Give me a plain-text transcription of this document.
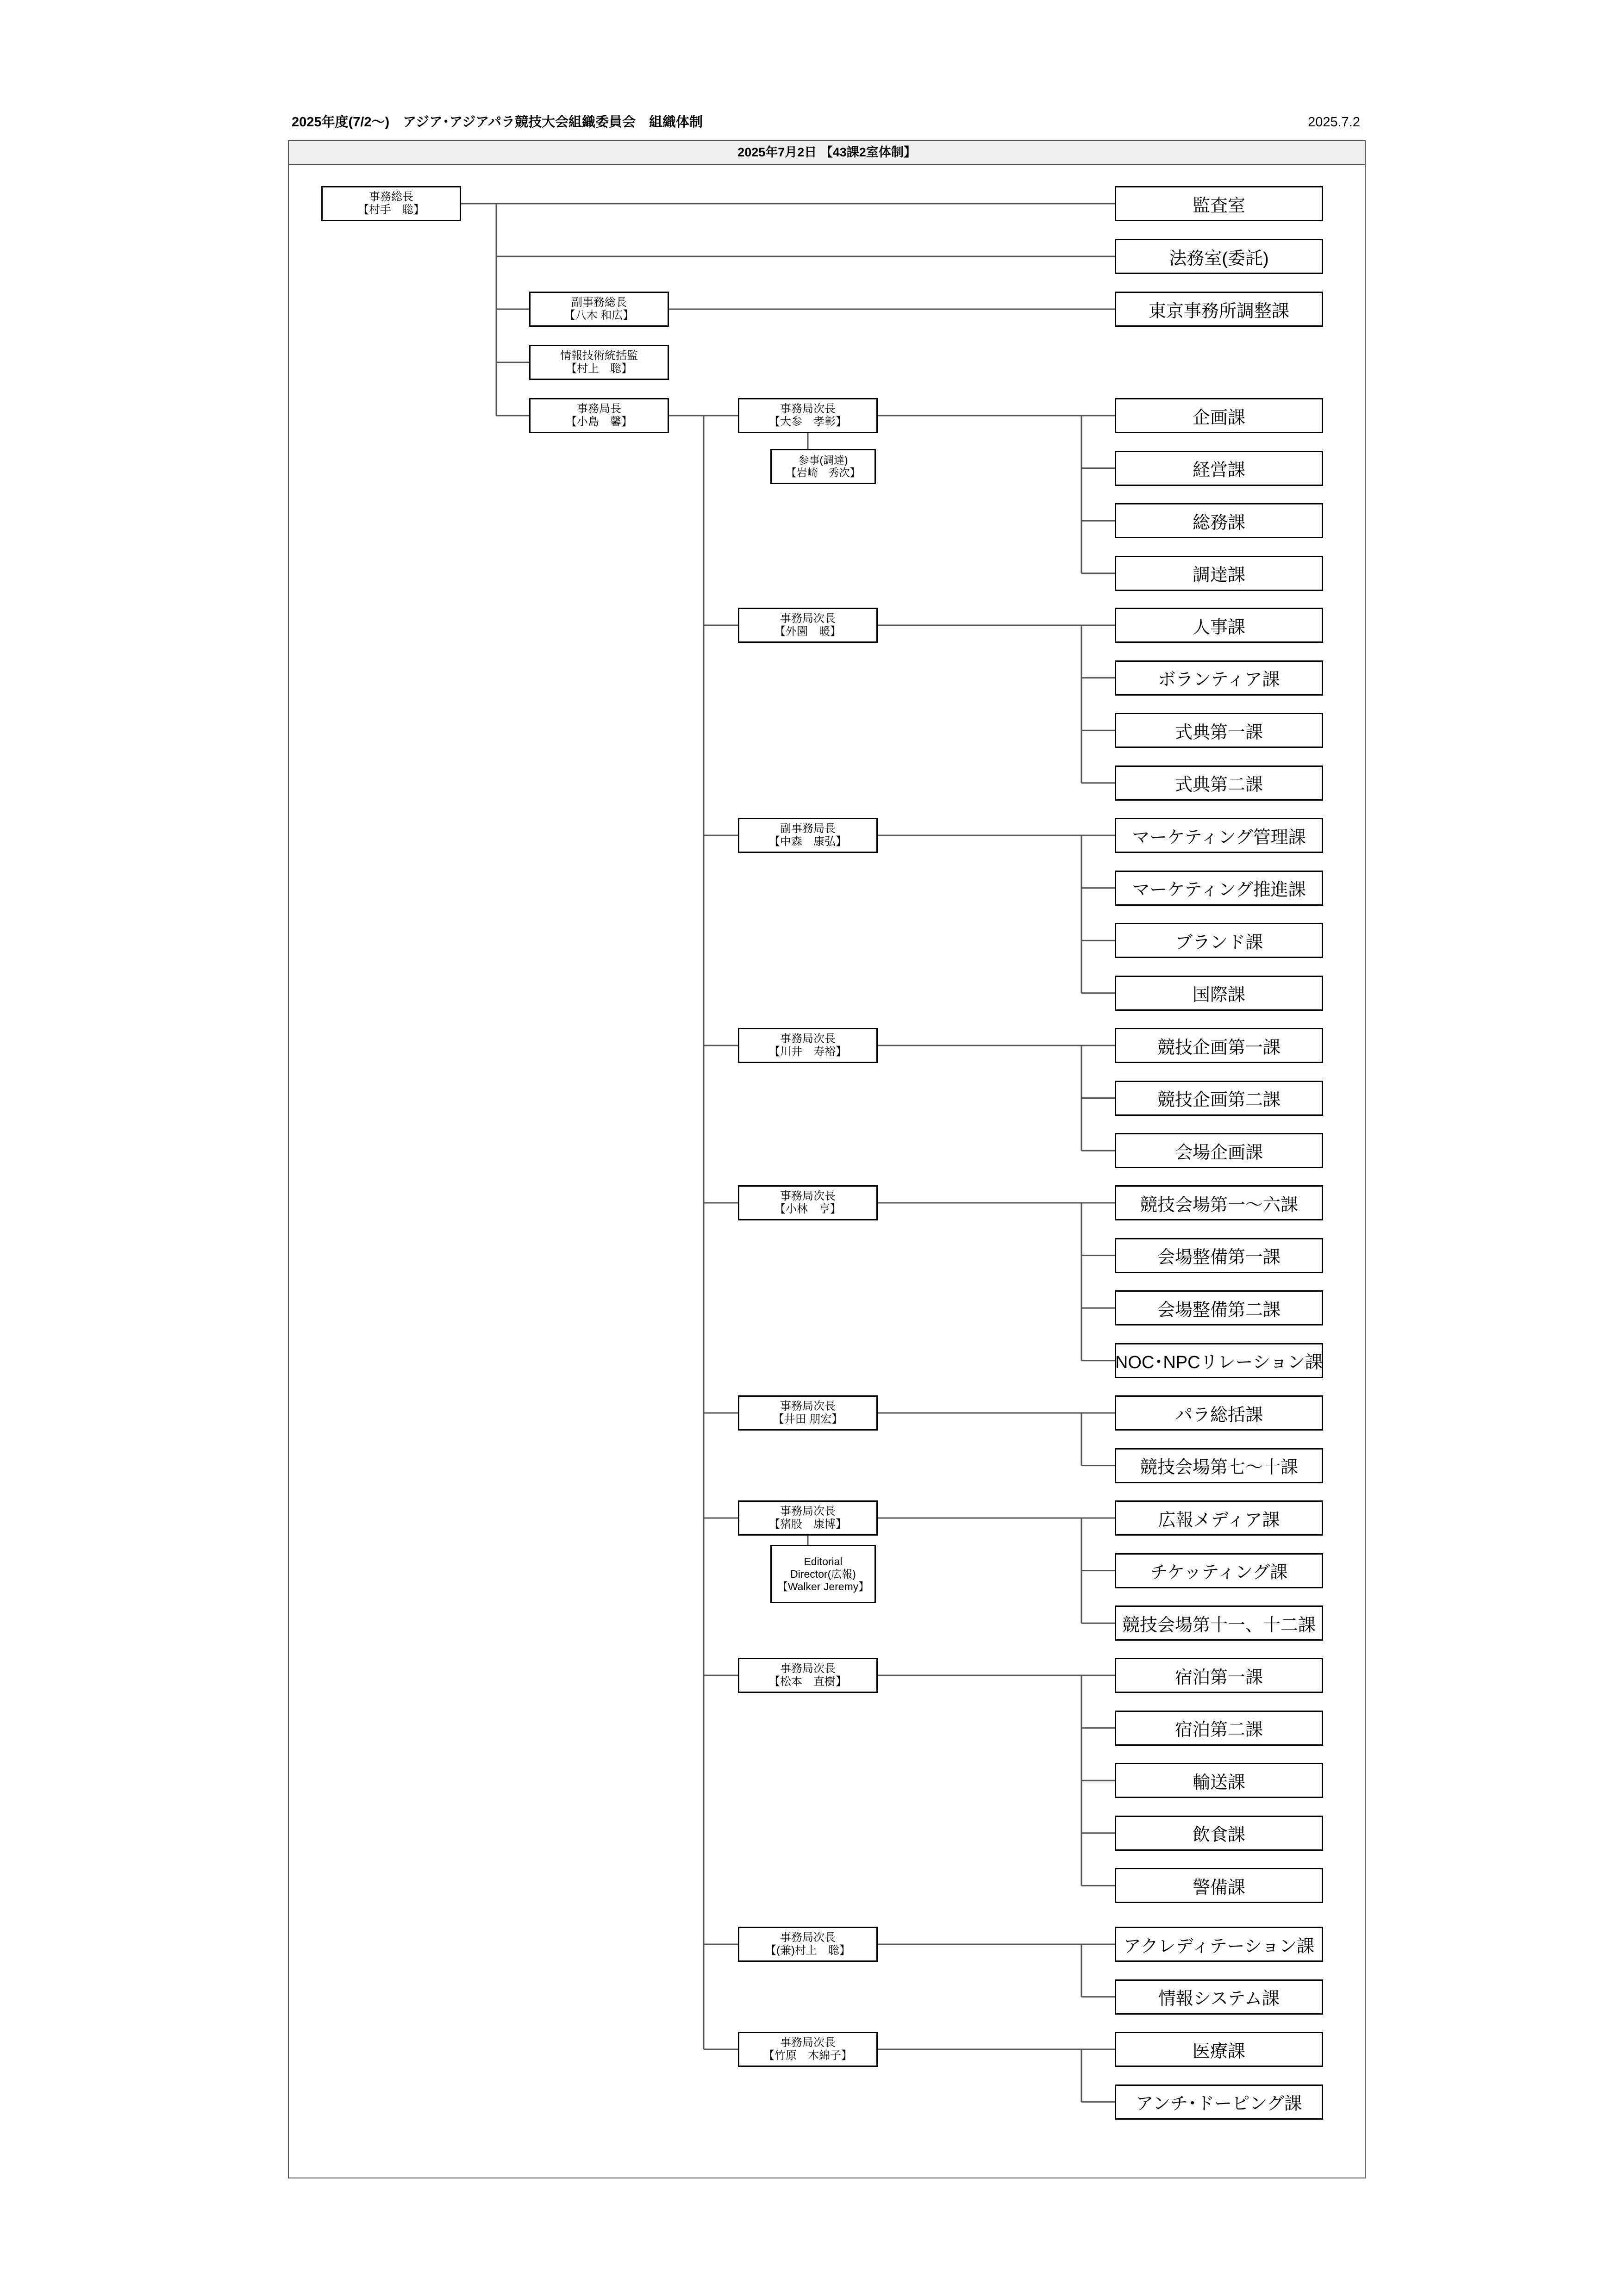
2025年度(7/2～)　アジア･アジアパラ競技大会組織委員会　組織体制	2025.7.2
2025年7月2日 【43課2室体制】
事務総長
【村手　聡】
副事務総長
【八木 和広】
情報技術統括監
【村上　聡】
事務局長
【小島　馨】
監査室
法務室(委託)
東京事務所調整課
事務局次長
【大参　孝彰】
参事(調達)
【岩崎　秀次】
企画課
経営課
総務課
調達課
事務局次長
【外園　暖】	人事課
ボランティア課
式典第一課
式典第二課
副事務局長
【中森　康弘】	マーケティング管理課
マーケティング推進課
ブランド課
国際課
事務局次長
【川井　寿裕】	競技企画第一課
競技企画第二課
会場企画課
事務局次長
【小林　亨】	競技会場第一～六課
会場整備第一課
会場整備第二課
NOC･NPCリレーション課
事務局次長
【井田 朋宏】	パラ総括課
競技会場第七～十課
事務局次長
【猪股　康博】
Editorial
Director(広報)
【Walker Jeremy】
広報メディア課
チケッティング課
競技会場第十一、十二課
事務局次長
【松本　直樹】	宿泊第一課
宿泊第二課
輸送課
飲食課
警備課
事務局次長
【(兼)村上　聡】	アクレディテーション課
情報システム課
事務局次長
【竹原　木綿子】	医療課
アンチ･ドーピング課
